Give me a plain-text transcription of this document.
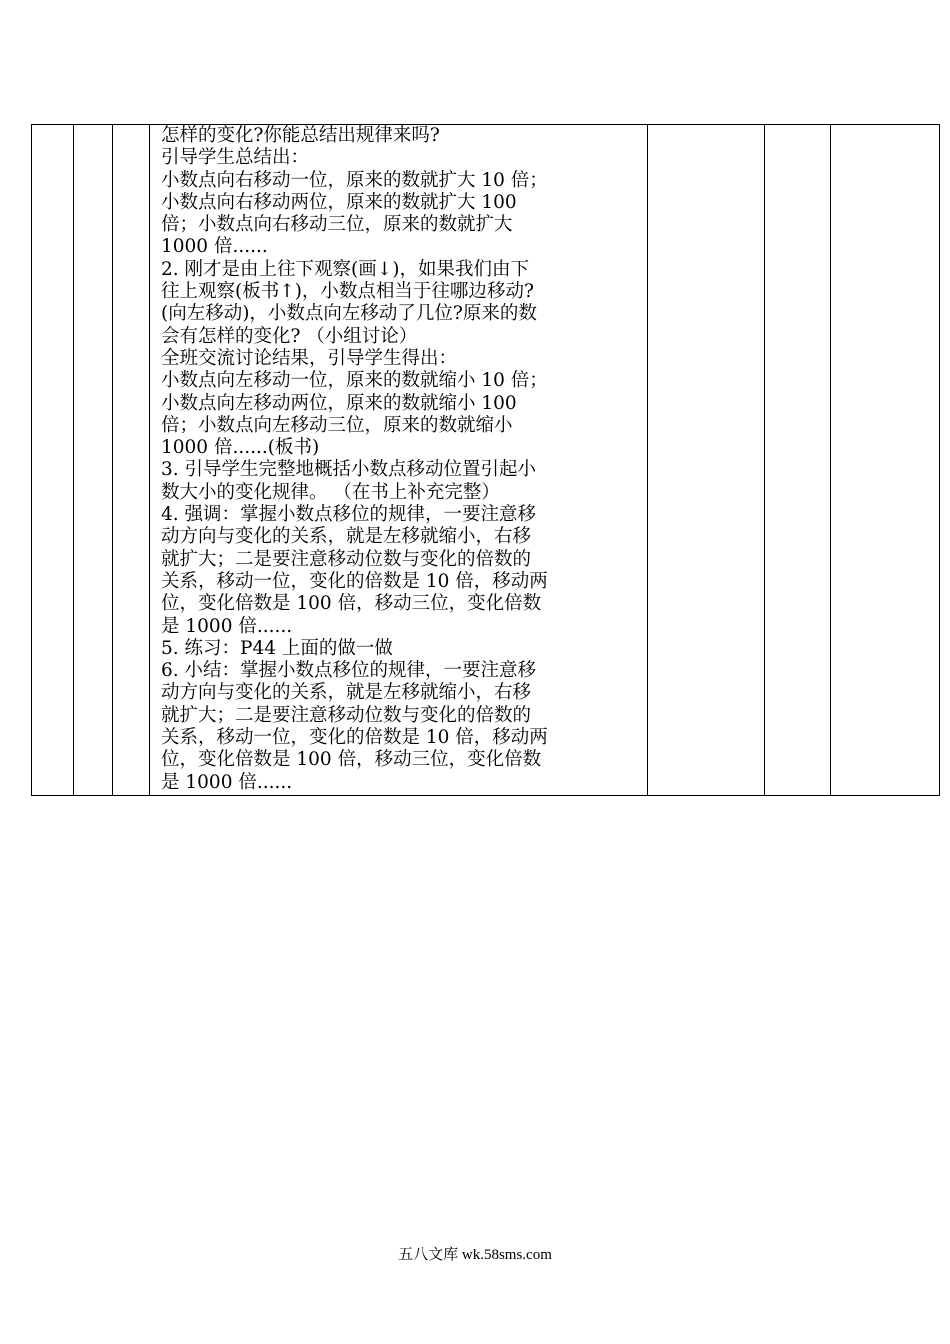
怎样的变化?你能总结出规律来吗?
引导学生总结出：
小数点向右移动一位，原来的数就扩大 10 倍；
小数点向右移动两位，原来的数就扩大 100
倍；小数点向右移动三位，原来的数就扩大
1000 倍......
2. 刚才是由上往下观察(画↓)，如果我们由下
往上观察(板书↑)，小数点相当于往哪边移动?
(向左移动)，小数点向左移动了几位?原来的数
会有怎样的变化? （小组讨论）
全班交流讨论结果，引导学生得出：
小数点向左移动一位，原来的数就缩小 10 倍；
小数点向左移动两位，原来的数就缩小 100
倍；小数点向左移动三位，原来的数就缩小
1000 倍......(板书)
3. 引导学生完整地概括小数点移动位置引起小
数大小的变化规律。 （在书上补充完整）
4. 强调：掌握小数点移位的规律，一要注意移
动方向与变化的关系，就是左移就缩小，右移
就扩大；二是要注意移动位数与变化的倍数的
关系，移动一位，变化的倍数是 10 倍，移动两
位，变化倍数是 100 倍，移动三位，变化倍数
是 1000 倍......
5. 练习：P44 上面的做一做
6. 小结：掌握小数点移位的规律，一要注意移
动方向与变化的关系，就是左移就缩小，右移
就扩大；二是要注意移动位数与变化的倍数的
关系，移动一位，变化的倍数是 10 倍，移动两
位，变化倍数是 100 倍，移动三位，变化倍数
是 1000 倍......

五八文库 wk.58sms.com
